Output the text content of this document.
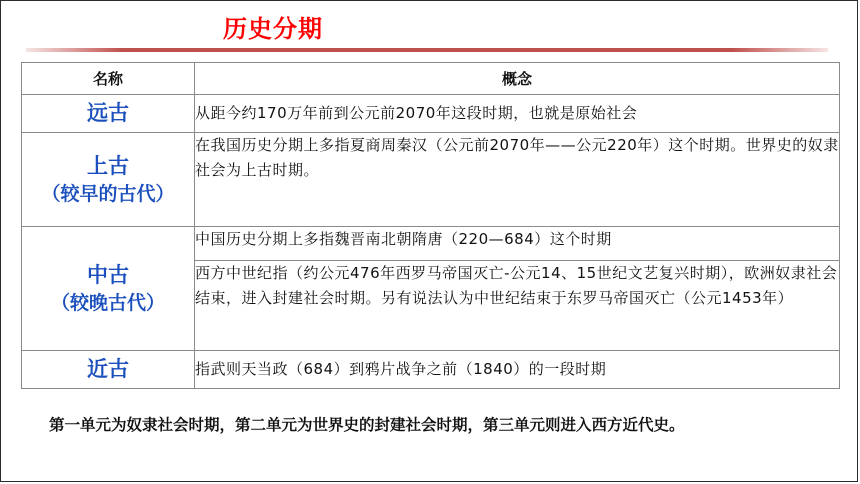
历史分期
名称	概念

远古	从距今约170万年前到公元前2070年这段时期，也就是原始社会

上古
（较早的古代）	在我国历史分期上多指夏商周秦汉（公元前2070年——公元220年）这个时期。世界史的奴隶社会为上古时期。

中古
（较晚古代）	中国历史分期上多指魏晋南北朝隋唐（220—684）这个时期
	西方中世纪指（约公元476年西罗马帝国灭亡-公元14、15世纪文艺复兴时期），欧洲奴隶社会结束，进入封建社会时期。另有说法认为中世纪结束于东罗马帝国灭亡（公元1453年）

近古	指武则天当政（684）到鸦片战争之前（1840）的一段时期
第一单元为奴隶社会时期，第二单元为世界史的封建社会时期，第三单元则进入西方近代史。
